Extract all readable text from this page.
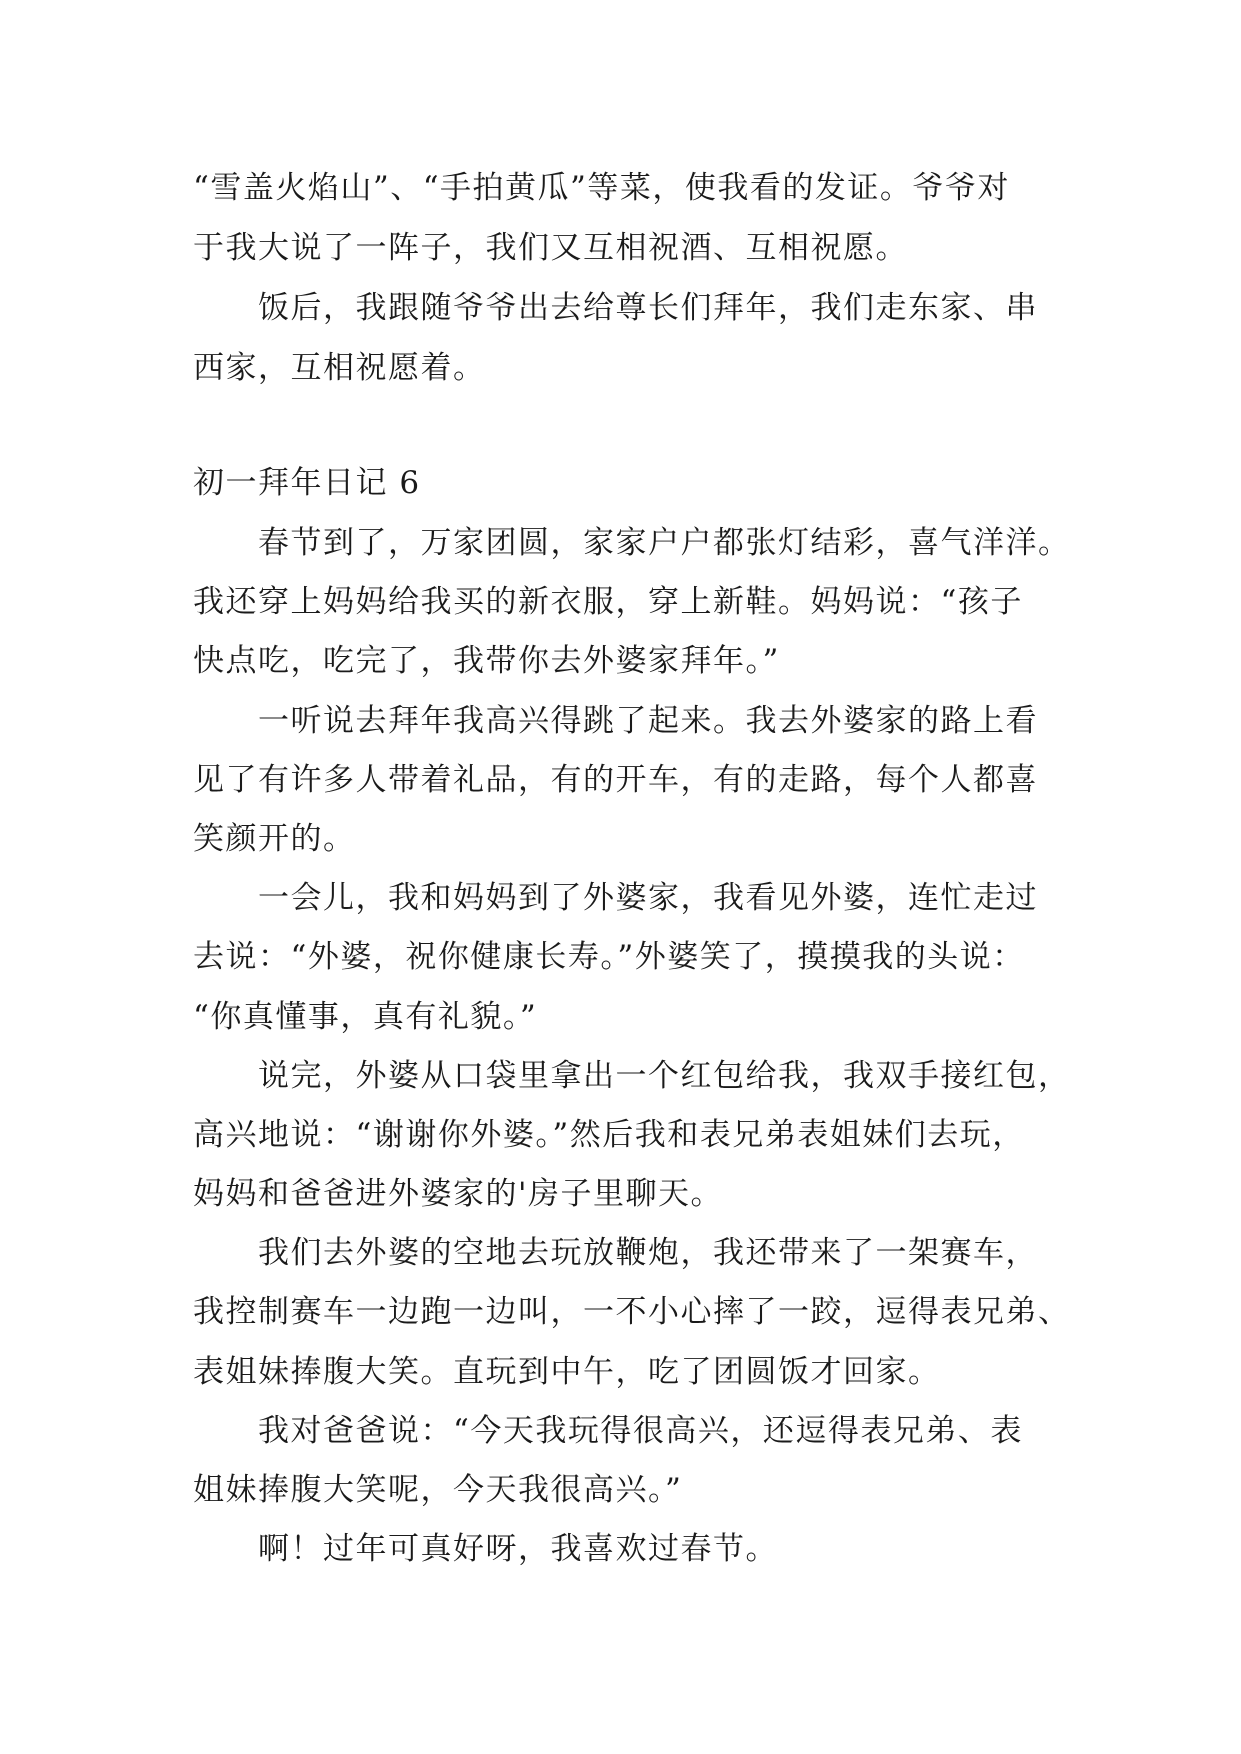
“雪盖火焰山”、“手拍黄瓜”等菜，使我看的发证。爷爷对
于我大说了一阵子，我们又互相祝酒、互相祝愿。
饭后，我跟随爷爷出去给尊长们拜年，我们走东家、串
西家，互相祝愿着。
初一拜年日记 6
春节到了，万家团圆，家家户户都张灯结彩，喜气洋洋。
我还穿上妈妈给我买的新衣服，穿上新鞋。妈妈说：“孩子
快点吃，吃完了，我带你去外婆家拜年。”
一听说去拜年我高兴得跳了起来。我去外婆家的路上看
见了有许多人带着礼品，有的开车，有的走路，每个人都喜
笑颜开的。
一会儿，我和妈妈到了外婆家，我看见外婆，连忙走过
去说：“外婆，祝你健康长寿。”外婆笑了，摸摸我的头说：
“你真懂事，真有礼貌。”
说完，外婆从口袋里拿出一个红包给我，我双手接红包，
高兴地说：“谢谢你外婆。”然后我和表兄弟表姐妹们去玩，
妈妈和爸爸进外婆家的'房子里聊天。
我们去外婆的空地去玩放鞭炮，我还带来了一架赛车，
我控制赛车一边跑一边叫，一不小心摔了一跤，逗得表兄弟、
表姐妹捧腹大笑。直玩到中午，吃了团圆饭才回家。
我对爸爸说：“今天我玩得很高兴，还逗得表兄弟、表
姐妹捧腹大笑呢，今天我很高兴。”
啊！过年可真好呀，我喜欢过春节。
